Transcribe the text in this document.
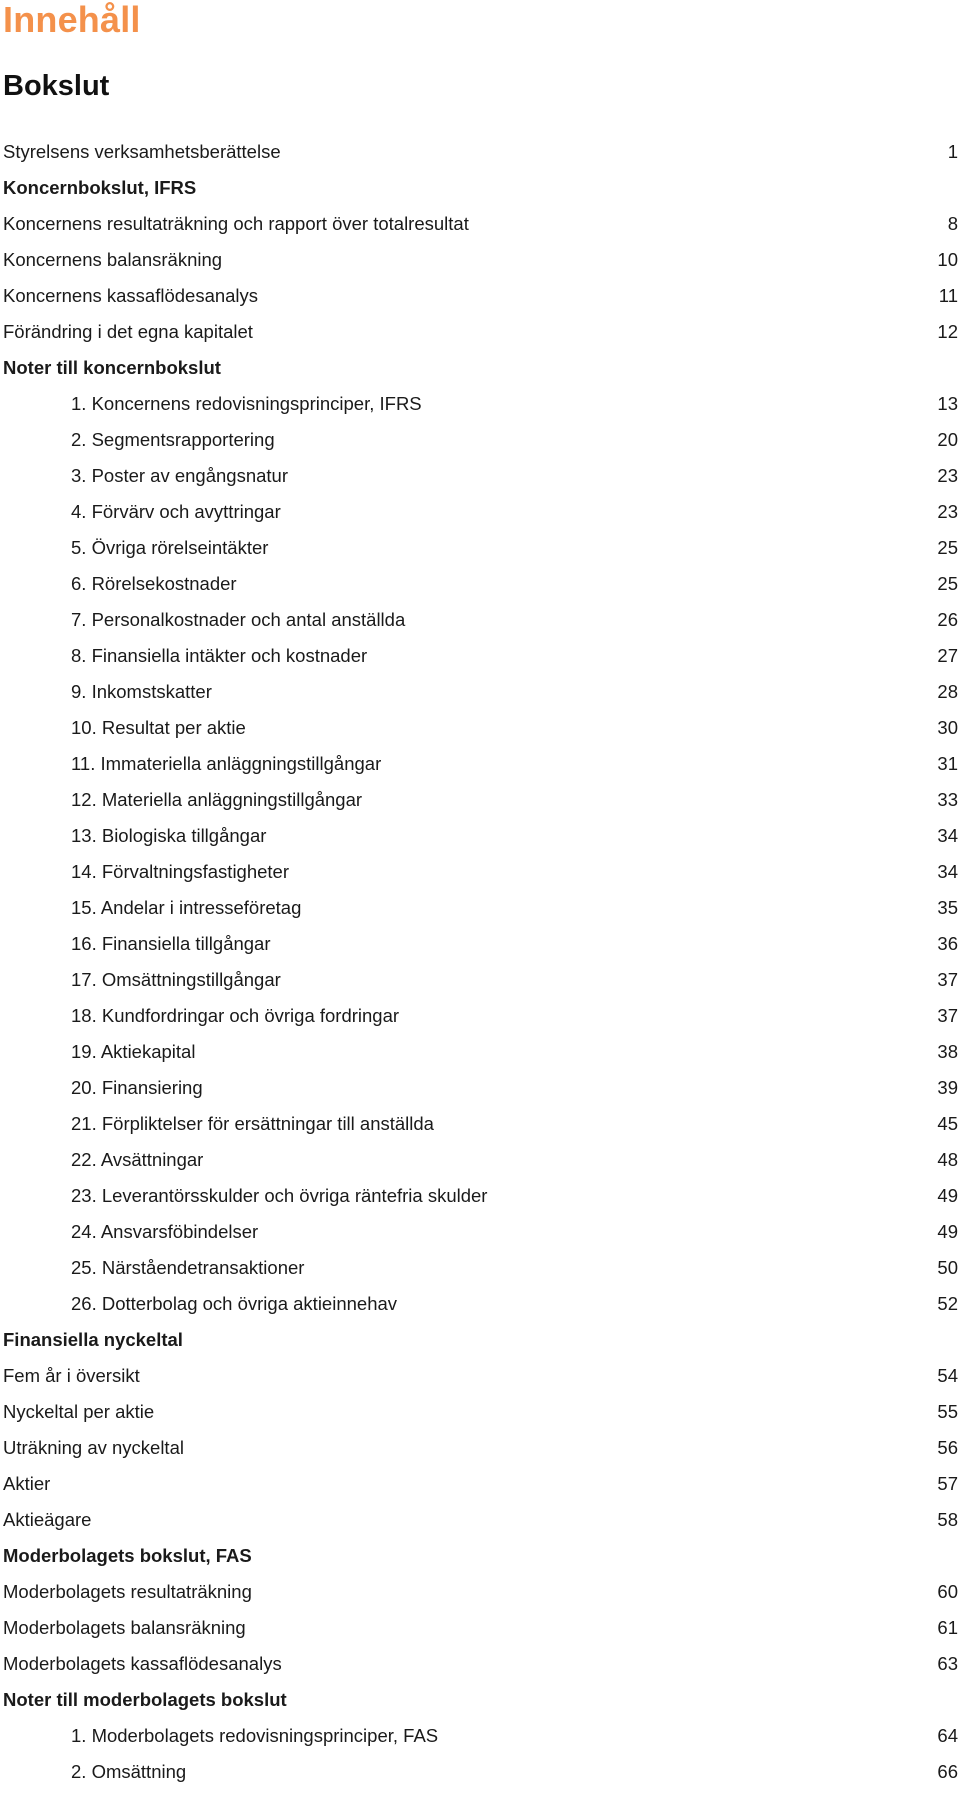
Innehåll
Bokslut
Styrelsens verksamhetsberättelse	1
Koncernbokslut, IFRS
Koncernens resultaträkning och rapport över totalresultat	8
Koncernens balansräkning	10
Koncernens kassaflödesanalys	11
Förändring i det egna kapitalet	12
Noter till koncernbokslut
1. Koncernens redovisningsprinciper, IFRS	13
2. Segmentsrapportering	20
3. Poster av engångsnatur	23
4. Förvärv och avyttringar	23
5. Övriga rörelseintäkter	25
6. Rörelsekostnader	25
7. Personalkostnader och antal anställda	26
8. Finansiella intäkter och kostnader	27
9. Inkomstskatter	28
10. Resultat per aktie	30
11. Immateriella anläggningstillgångar	31
12. Materiella anläggningstillgångar	33
13. Biologiska tillgångar	34
14. Förvaltningsfastigheter	34
15. Andelar i intresseföretag	35
16. Finansiella tillgångar	36
17. Omsättningstillgångar	37
18. Kundfordringar och övriga fordringar	37
19. Aktiekapital	38
20. Finansiering	39
21. Förpliktelser för ersättningar till anställda	45
22. Avsättningar	48
23. Leverantörsskulder och övriga räntefria skulder	49
24. Ansvarsföbindelser	49
25. Närståendetransaktioner	50
26. Dotterbolag och övriga aktieinnehav	52
Finansiella nyckeltal
Fem år i översikt	54
Nyckeltal per aktie	55
Uträkning av nyckeltal	56
Aktier	57
Aktieägare	58
Moderbolagets bokslut, FAS
Moderbolagets resultaträkning	60
Moderbolagets balansräkning	61
Moderbolagets kassaflödesanalys	63
Noter till moderbolagets bokslut
1. Moderbolagets redovisningsprinciper, FAS	64
2. Omsättning	66
